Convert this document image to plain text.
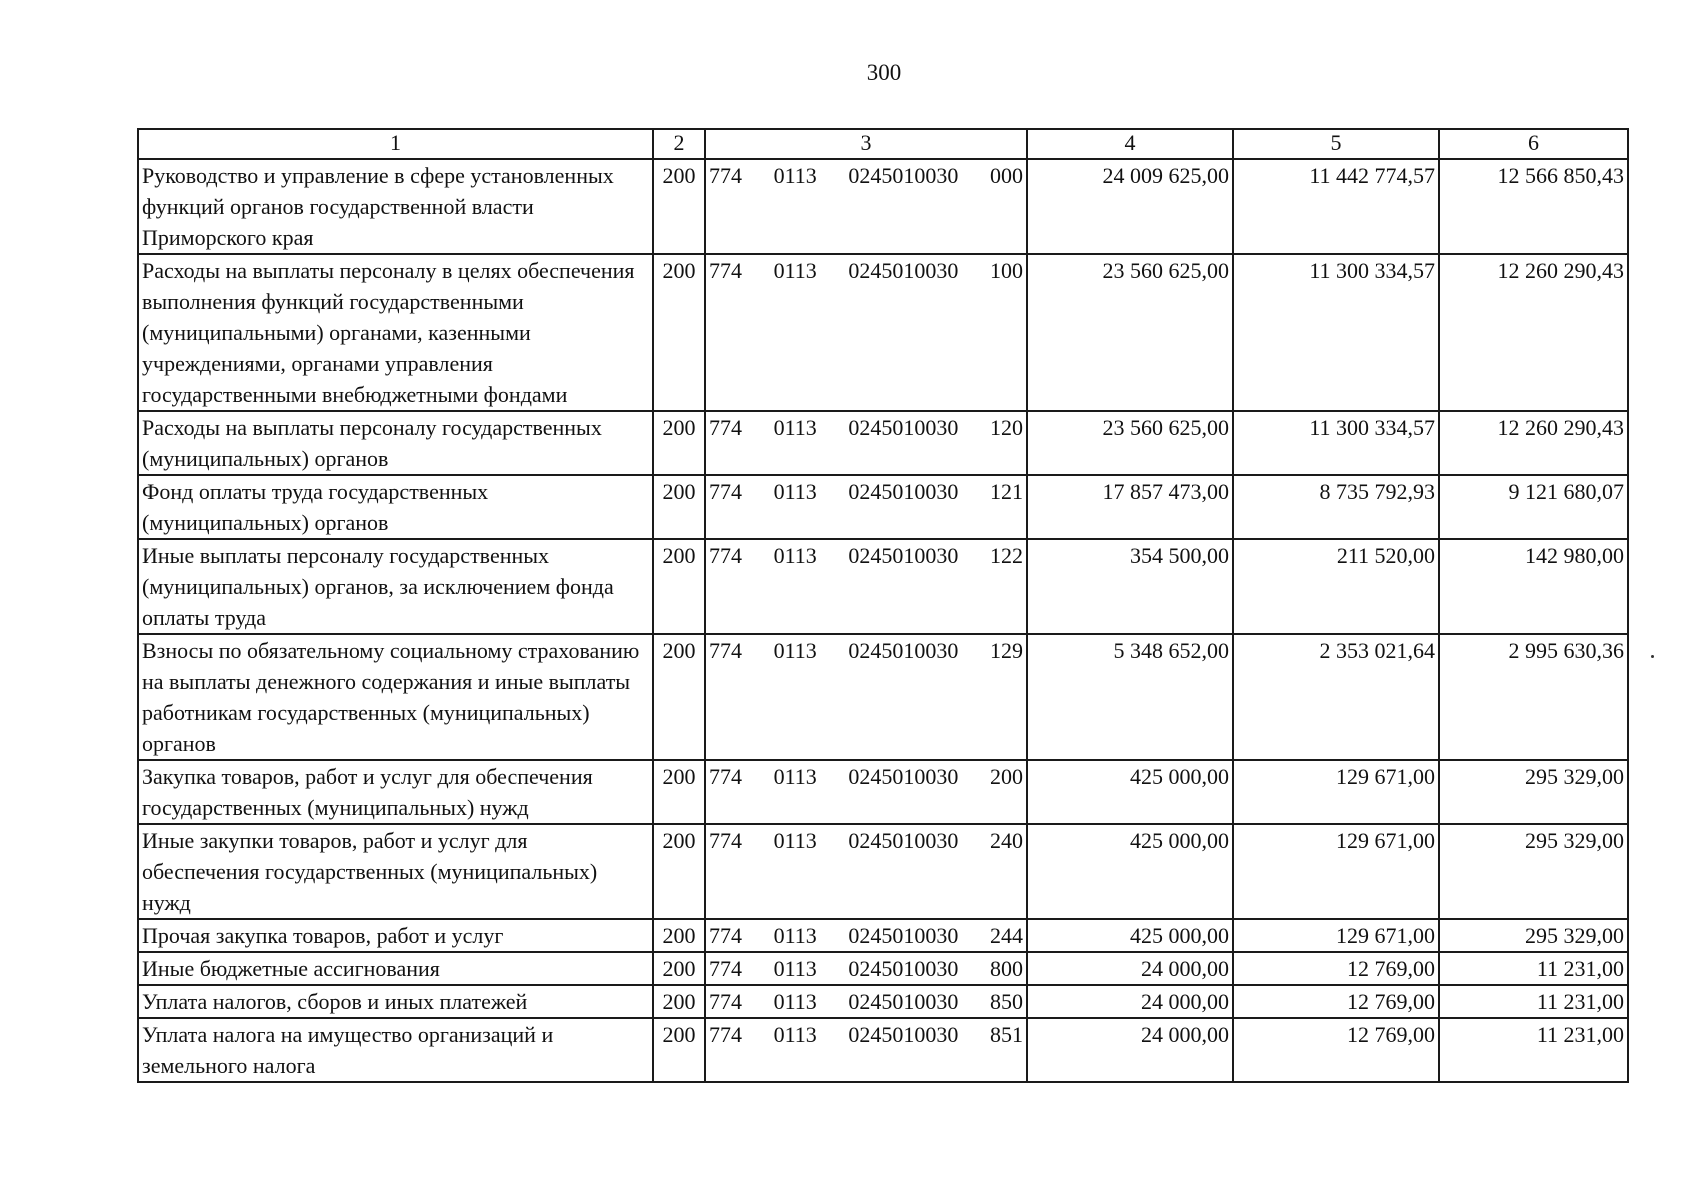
300
1	2	3	4	5	6
Руководство и управление в сфере установленных функций органов государственной власти Приморского края	200	774 0113 0245010030 000	24 009 625,00	11 442 774,57	12 566 850,43
Расходы на выплаты персоналу в целях обеспечения выполнения функций государственными (муниципальными) органами, казенными учреждениями, органами управления государственными внебюджетными фондами	200	774 0113 0245010030 100	23 560 625,00	11 300 334,57	12 260 290,43
Расходы на выплаты персоналу государственных (муниципальных) органов	200	774 0113 0245010030 120	23 560 625,00	11 300 334,57	12 260 290,43
Фонд оплаты труда государственных (муниципальных) органов	200	774 0113 0245010030 121	17 857 473,00	8 735 792,93	9 121 680,07
Иные выплаты персоналу государственных (муниципальных) органов, за исключением фонда оплаты труда	200	774 0113 0245010030 122	354 500,00	211 520,00	142 980,00
Взносы по обязательному социальному страхованию на выплаты денежного содержания и иные выплаты работникам государственных (муниципальных) органов	200	774 0113 0245010030 129	5 348 652,00	2 353 021,64	2 995 630,36
Закупка товаров, работ и услуг для обеспечения государственных (муниципальных) нужд	200	774 0113 0245010030 200	425 000,00	129 671,00	295 329,00
Иные закупки товаров, работ и услуг для обеспечения государственных (муниципальных) нужд	200	774 0113 0245010030 240	425 000,00	129 671,00	295 329,00
Прочая закупка товаров, работ и услуг	200	774 0113 0245010030 244	425 000,00	129 671,00	295 329,00
Иные бюджетные ассигнования	200	774 0113 0245010030 800	24 000,00	12 769,00	11 231,00
Уплата налогов, сборов и иных платежей	200	774 0113 0245010030 850	24 000,00	12 769,00	11 231,00
Уплата налога на имущество организаций и земельного налога	200	774 0113 0245010030 851	24 000,00	12 769,00	11 231,00
